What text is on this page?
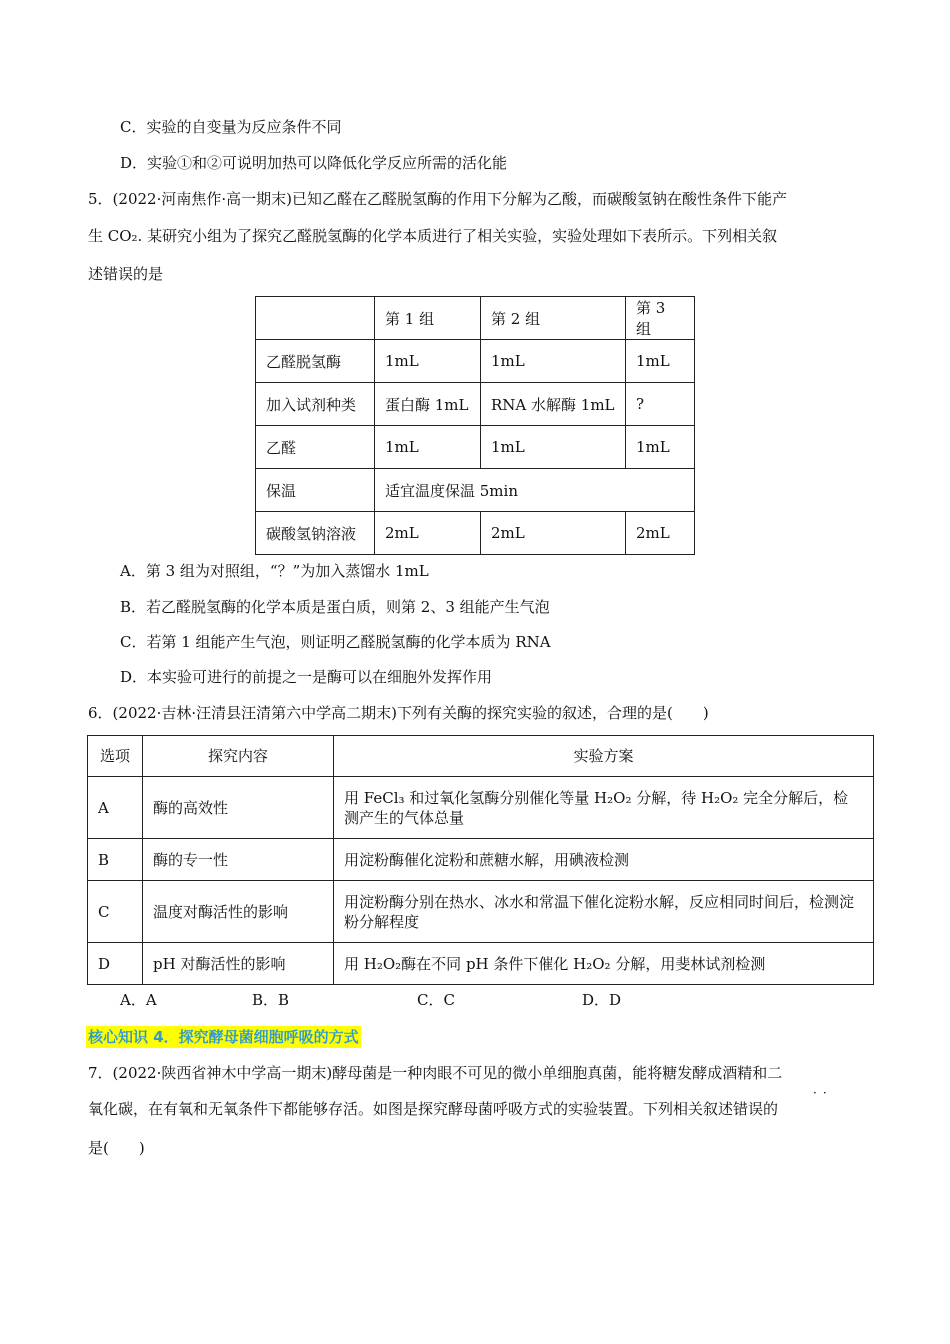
C．实验的自变量为反应条件不同
D．实验①和②可说明加热可以降低化学反应所需的活化能
5．(2022·河南焦作·高一期末)已知乙醛在乙醛脱氢酶的作用下分解为乙酸，而碳酸氢钠在酸性条件下能产
生 CO₂. 某研究小组为了探究乙醛脱氢酶的化学本质进行了相关实验，实验处理如下表所示。下列相关叙
述错误的是
	第 1 组	第 2 组	第 3 组
乙醛脱氢酶	1mL	1mL	1mL
加入试剂种类	蛋白酶 1mL	RNA 水解酶 1mL	?
乙醛	1mL	1mL	1mL
保温	适宜温度保温 5min		
碳酸氢钠溶液	2mL	2mL	2mL
A．第 3 组为对照组，“？”为加入蒸馏水 1mL
B．若乙醛脱氢酶的化学本质是蛋白质，则第 2、3 组能产生气泡
C．若第 1 组能产生气泡，则证明乙醛脱氢酶的化学本质为 RNA
D．本实验可进行的前提之一是酶可以在细胞外发挥作用
6．(2022·吉林·汪清县汪清第六中学高二期末)下列有关酶的探究实验的叙述，合理的是(　　)
选项	探究内容	实验方案
A	酶的高效性	用 FeCl₃ 和过氧化氢酶分别催化等量 H₂O₂ 分解，待 H₂O₂ 完全分解后，检测产生的气体总量
B	酶的专一性	用淀粉酶催化淀粉和蔗糖水解，用碘液检测
C	温度对酶活性的影响	用淀粉酶分别在热水、冰水和常温下催化淀粉水解，反应相同时间后，检测淀粉分解程度
D	pH 对酶活性的影响	用 H₂O₂酶在不同 pH 条件下催化 H₂O₂ 分解，用斐林试剂检测
A．A	B．B	C．C	D．D
核心知识 4．探究酵母菌细胞呼吸的方式
7．(2022·陕西省神木中学高一期末)酵母菌是一种肉眼不可见的微小单细胞真菌，能将糖发酵成酒精和二
··
氧化碳，在有氧和无氧条件下都能够存活。如图是探究酵母菌呼吸方式的实验装置。下列相关叙述错误的
是(　　)
